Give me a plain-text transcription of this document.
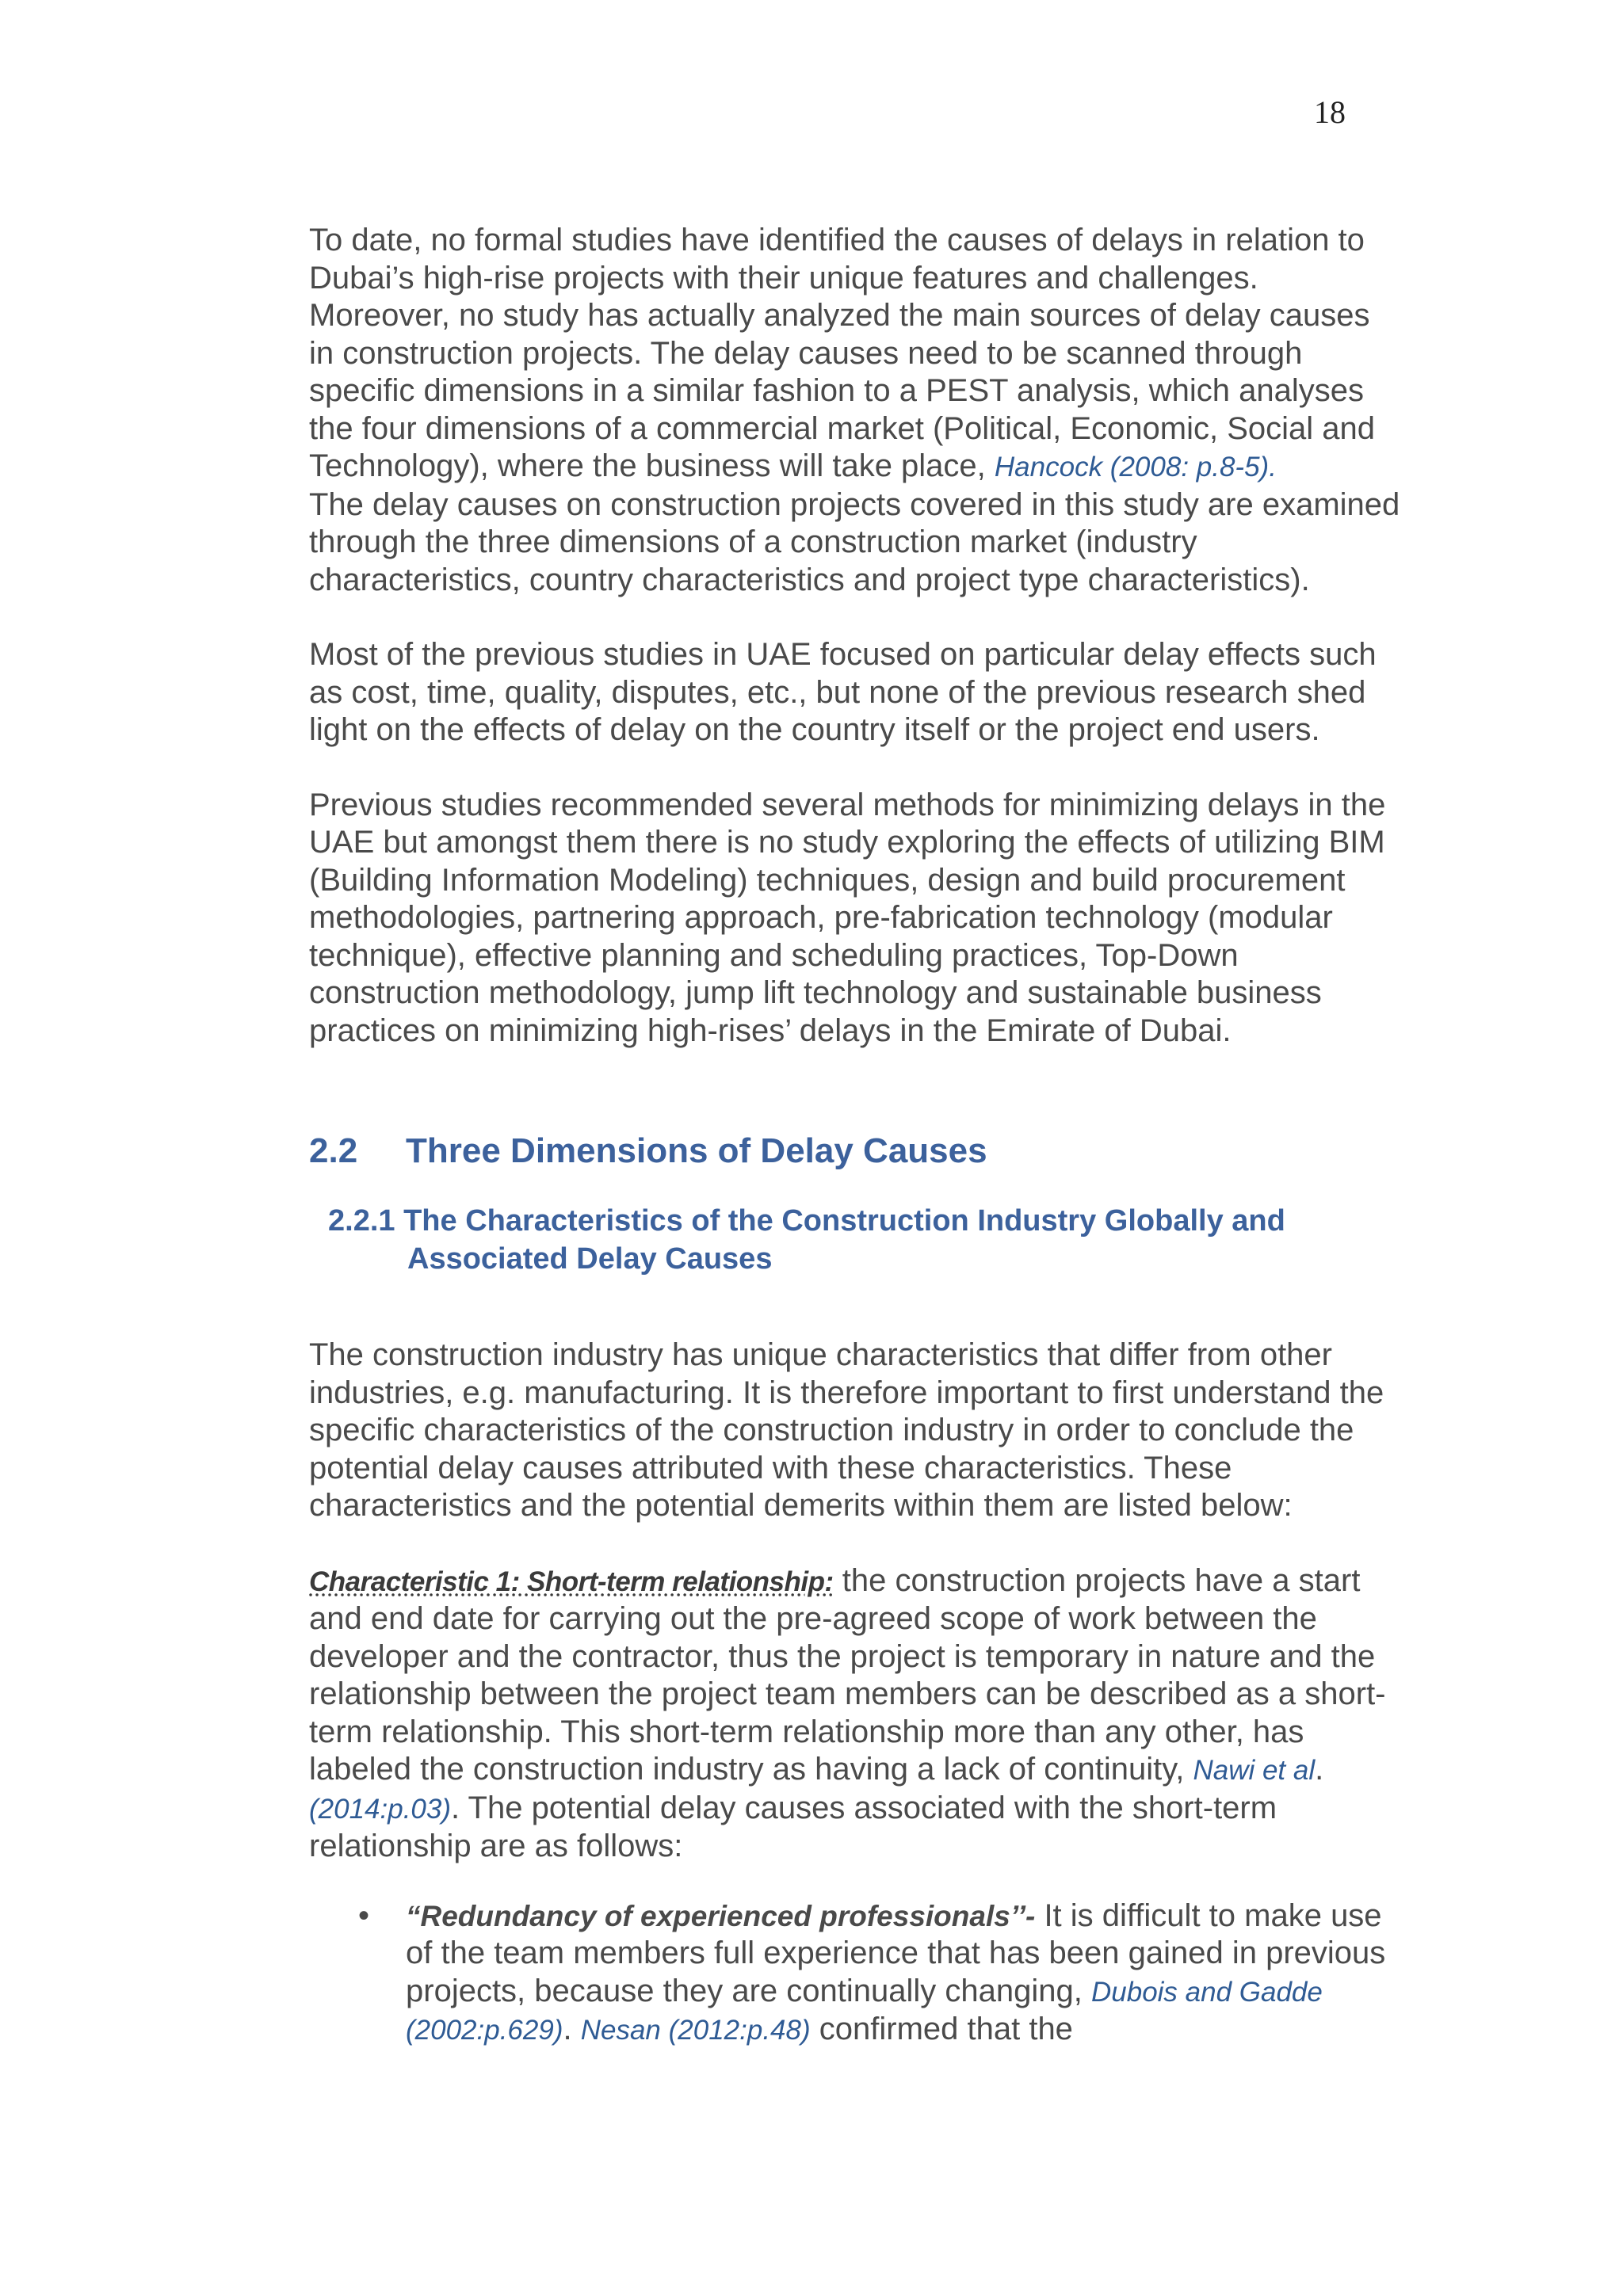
18

To date, no formal studies have identified the causes of delays in relation to Dubai’s high-rise projects with their unique features and challenges. Moreover, no study has actually analyzed the main sources of delay causes in construction projects. The delay causes need to be scanned through specific dimensions in a similar fashion to a PEST analysis, which analyses the four dimensions of a commercial market (Political, Economic, Social and Technology), where the business will take place, Hancock (2008: p.8-5).
The delay causes on construction projects covered in this study are examined through the three dimensions of a construction market (industry characteristics, country characteristics and project type characteristics).

Most of the previous studies in UAE focused on particular delay effects such as cost, time, quality, disputes, etc., but none of the previous research shed light on the effects of delay on the country itself or the project end users.

Previous studies recommended several methods for minimizing delays in the UAE but amongst them there is no study exploring the effects of utilizing BIM (Building Information Modeling) techniques, design and build procurement methodologies, partnering approach, pre-fabrication technology (modular technique), effective planning and scheduling practices, Top-Down construction methodology, jump lift technology and sustainable business practices on minimizing high-rises’ delays in the Emirate of Dubai.

2.2 Three Dimensions of Delay Causes
2.2.1 The Characteristics of the Construction Industry Globally and Associated Delay Causes

The construction industry has unique characteristics that differ from other industries, e.g. manufacturing. It is therefore important to first understand the specific characteristics of the construction industry in order to conclude the potential delay causes attributed with these characteristics. These characteristics and the potential demerits within them are listed below:

Characteristic 1: Short-term relationship: the construction projects have a start and end date for carrying out the pre-agreed scope of work between the developer and the contractor, thus the project is temporary in nature and the relationship between the project team members can be described as a short-term relationship. This short-term relationship more than any other, has labeled the construction industry as having a lack of continuity, Nawi et al. (2014:p.03). The potential delay causes associated with the short-term relationship are as follows:

• “Redundancy of experienced professionals’’- It is difficult to make use of the team members full experience that has been gained in previous projects, because they are continually changing, Dubois and Gadde (2002:p.629). Nesan (2012:p.48) confirmed that the
